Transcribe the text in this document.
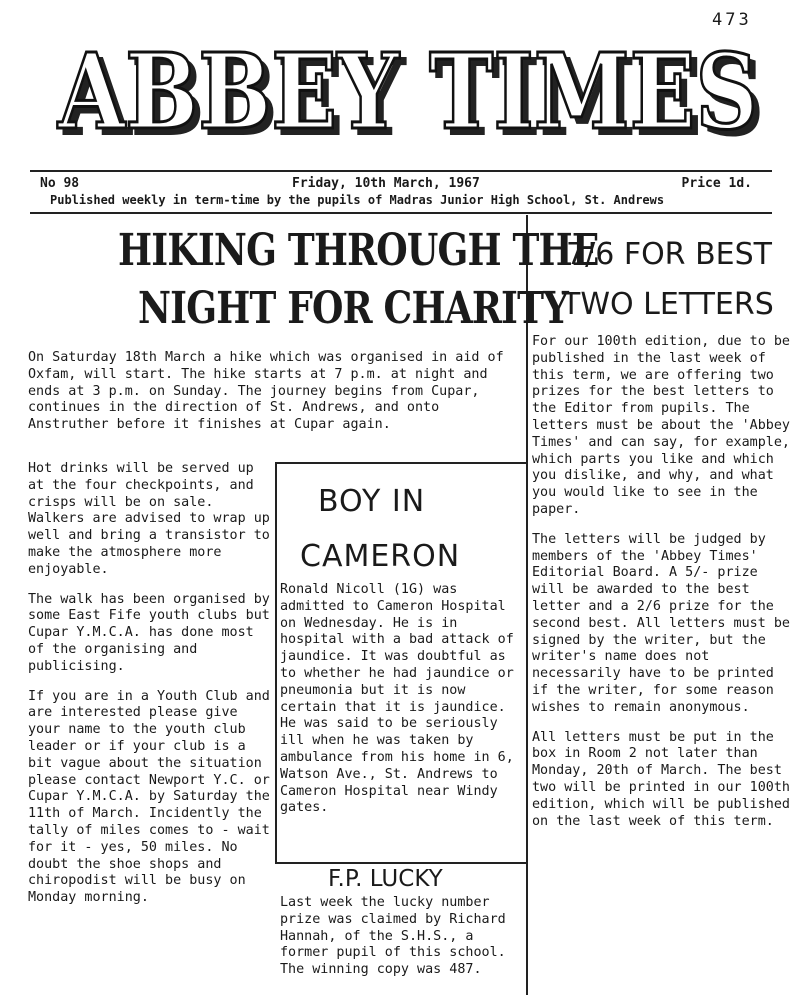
473
ABBEY TIMES
ABBEY TIMES
No 98	Friday, 10th March, 1967	Price 1d.
Published weekly in term-time by the pupils of Madras Junior High School, St. Andrews
HIKING THROUGH THE
NIGHT FOR CHARITY

On Saturday 18th March a hike which was organised in aid of Oxfam, will start. The hike starts at 7 p.m. at night and ends at 3 p.m. on Sunday. The journey begins from Cupar, continues in the direction of St. Andrews, and onto Anstruther before it finishes at Cupar again.

Hot drinks will be served up at the four checkpoints, and crisps will be on sale. Walkers are advised to wrap up well and bring a transistor to make the atmosphere more enjoyable.

The walk has been organised by some East Fife youth clubs but Cupar Y.M.C.A. has done most of the organising and publicising.

If you are in a Youth Club and are interested please give your name to the youth club leader or if your club is a bit vague about the situation please contact Newport Y.C. or Cupar Y.M.C.A. by Saturday the 11th of March. Incidently the tally of miles comes to - wait for it - yes, 50 miles. No doubt the shoe shops and chiropodist will be busy on Monday morning.

BOY IN
CAMERON

Ronald Nicoll (1G) was admitted to Cameron Hospital on Wednesday. He is in hospital with a bad attack of jaundice. It was doubtful as to whether he had jaundice or pneumonia but it is now certain that it is jaundice. He was said to be seriously ill when he was taken by ambulance from his home in 6, Watson Ave., St. Andrews to Cameron Hospital near Windy gates.

F.P. LUCKY

Last week the lucky number prize was claimed by Richard Hannah, of the S.H.S., a former pupil of this school. The winning copy was 487.

7/6 FOR BEST
TWO LETTERS

For our 100th edition, due to be published in the last week of this term, we are offering two prizes for the best letters to the Editor from pupils. The letters must be about the 'Abbey Times' and can say, for example, which parts you like and which you dislike, and why, and what you would like to see in the paper.

The letters will be judged by members of the 'Abbey Times' Editorial Board. A 5/- prize will be awarded to the best letter and a 2/6 prize for the second best. All letters must be signed by the writer, but the writer's name does not necessarily have to be printed if the writer, for some reason wishes to remain anonymous.

All letters must be put in the box in Room 2 not later than Monday, 20th of March. The best two will be printed in our 100th edition, which will be published on the last week of this term.
